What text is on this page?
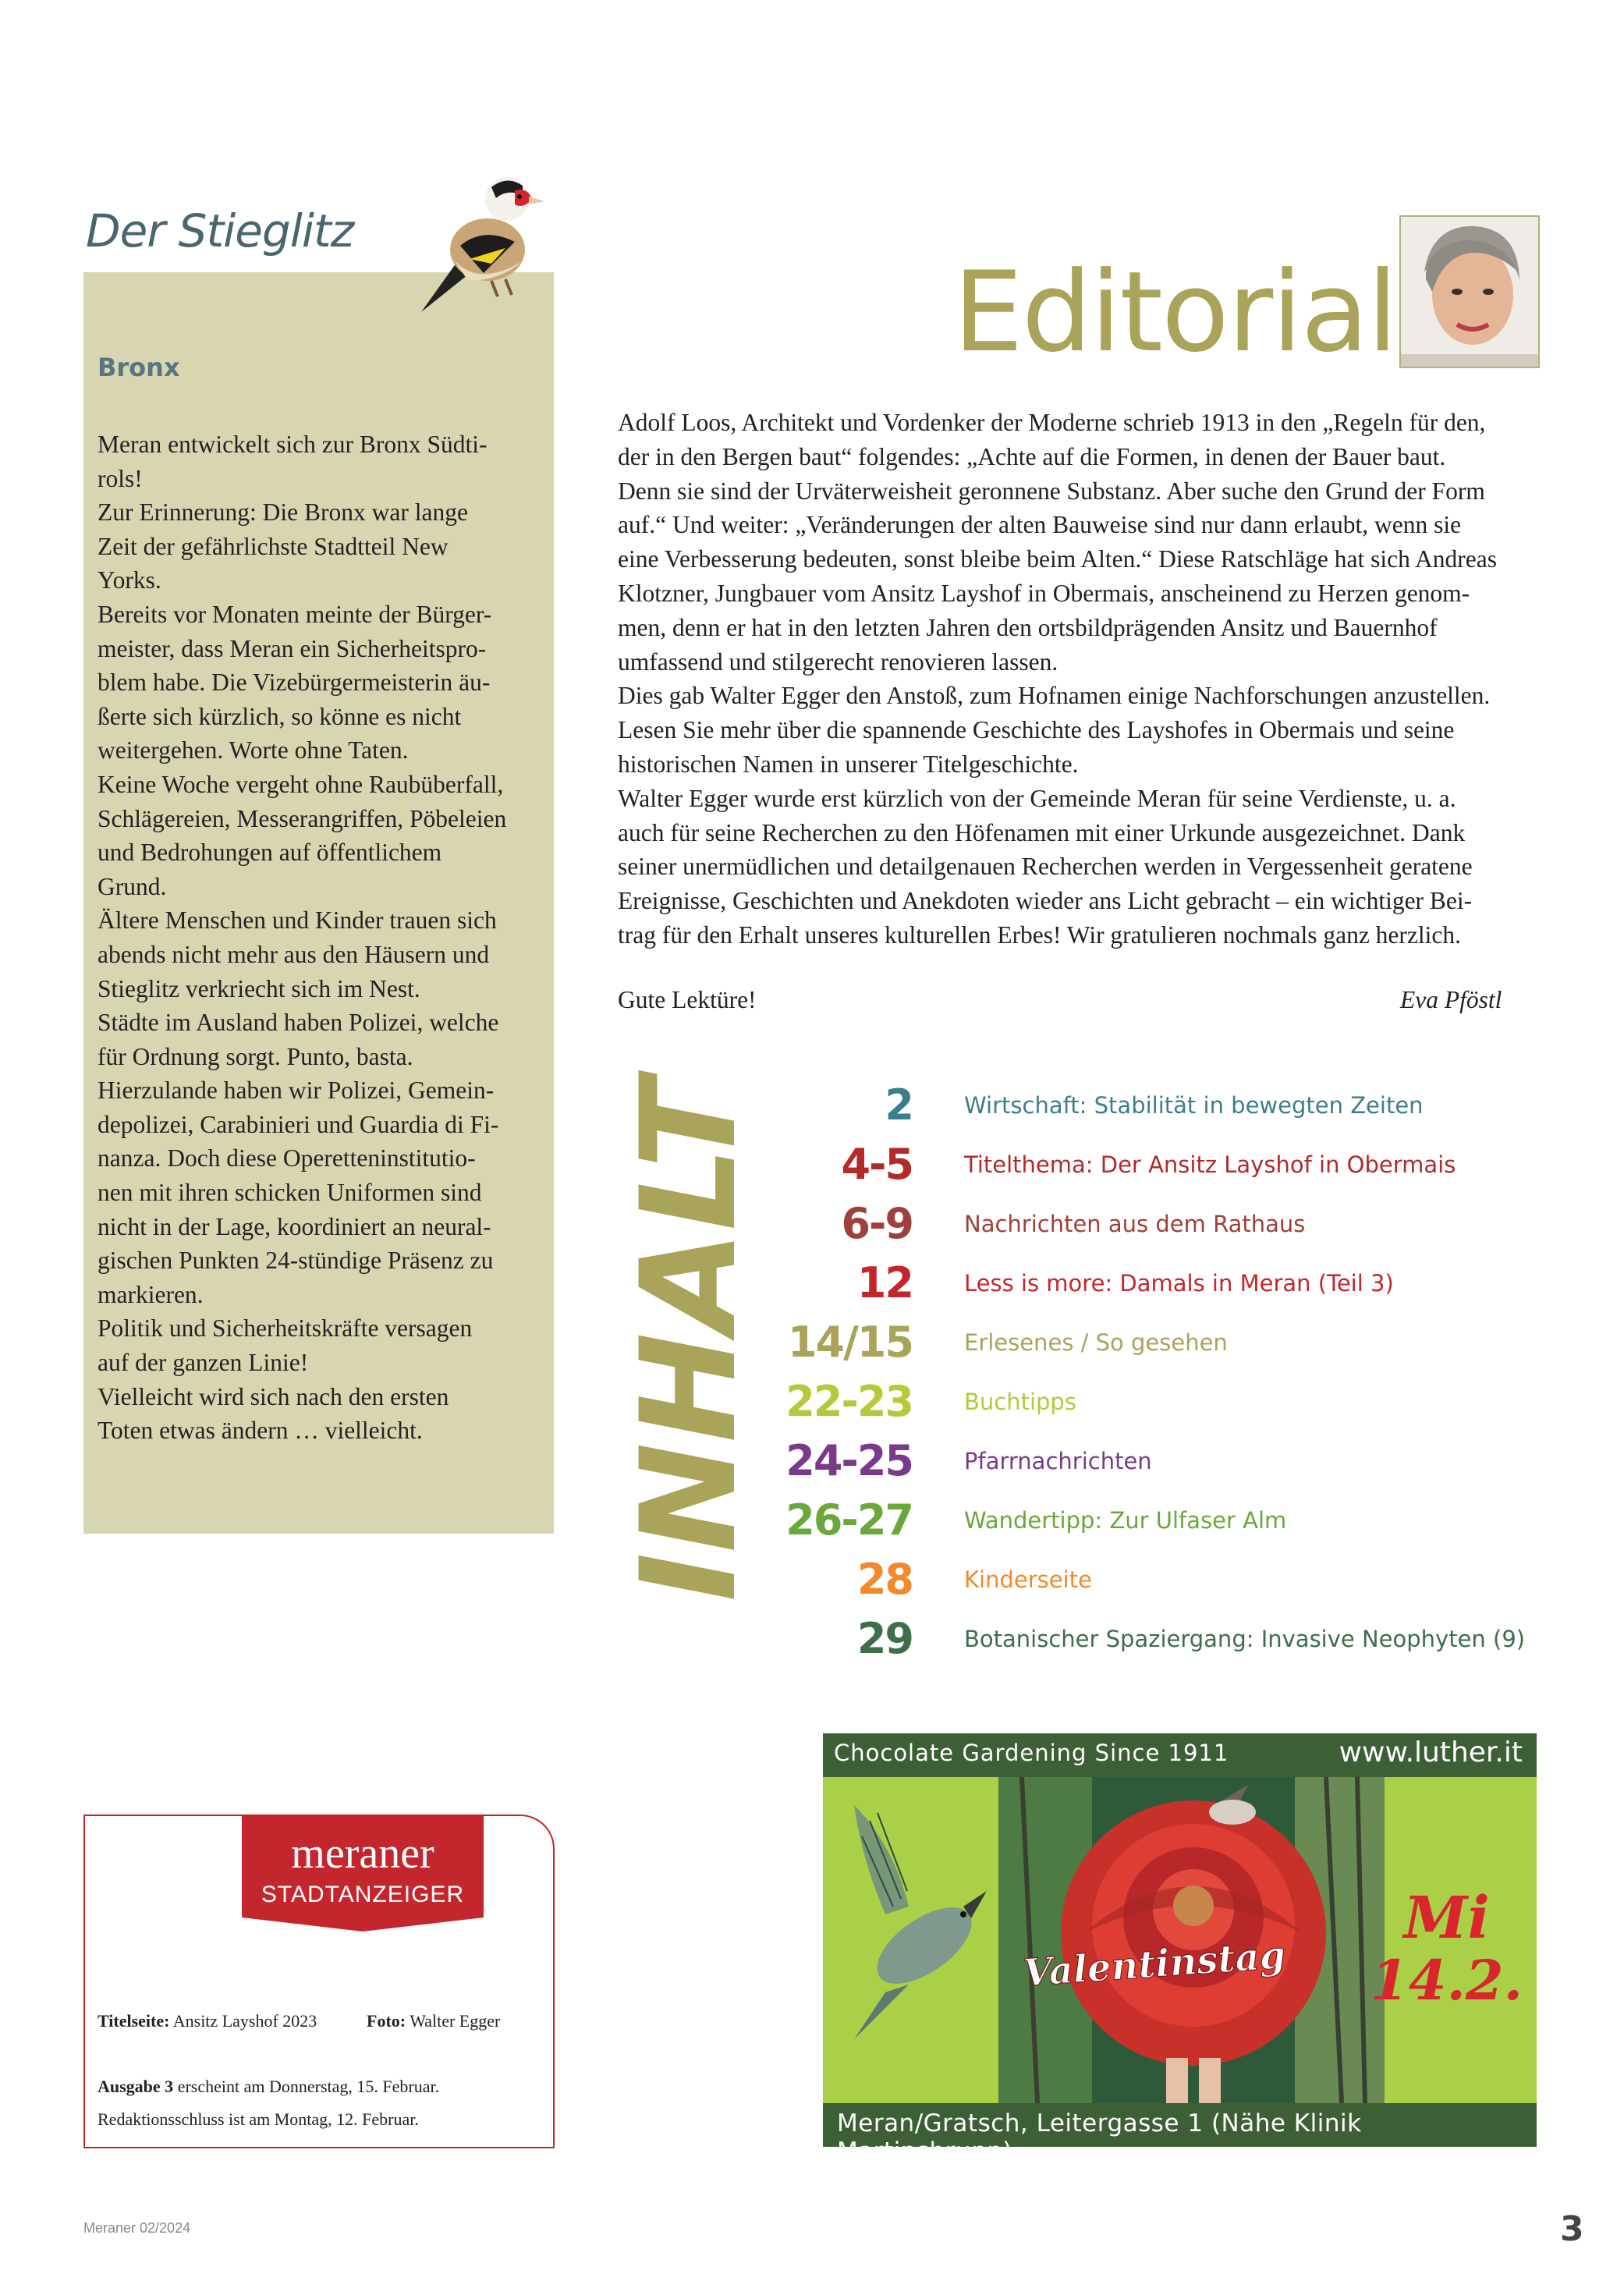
Der Stieglitz
Bronx

Meran entwickelt sich zur Bronx Südti-

rols!

Zur Erinnerung: Die Bronx war lange

Zeit der gefährlichste Stadtteil New

Yorks.

Bereits vor Monaten meinte der Bürger-

meister, dass Meran ein Sicherheitspro-

blem habe. Die Vizebürgermeisterin äu-

ßerte sich kürzlich, so könne es nicht

weitergehen. Worte ohne Taten.

Keine Woche vergeht ohne Raubüberfall,

Schlägereien, Messerangriffen, Pöbeleien

und Bedrohungen auf öffentlichem

Grund.

Ältere Menschen und Kinder trauen sich

abends nicht mehr aus den Häusern und

Stieglitz verkriecht sich im Nest.

Städte im Ausland haben Polizei, welche

für Ordnung sorgt. Punto, basta.

Hierzulande haben wir Polizei, Gemein-

depolizei, Carabinieri und Guardia di Fi-

nanza. Doch diese Operetteninstitutio-

nen mit ihren schicken Uniformen sind

nicht in der Lage, koordiniert an neural-

gischen Punkten 24-stündige Präsenz zu

markieren.

Politik und Sicherheitskräfte versagen

auf der ganzen Linie!

Vielleicht wird sich nach den ersten

Toten etwas ändern … vielleicht.

Editorial

Adolf Loos, Architekt und Vordenker der Moderne schrieb 1913 in den „Regeln für den,

der in den Bergen baut“ folgendes: „Achte auf die Formen, in denen der Bauer baut.

Denn sie sind der Urväterweisheit geronnene Substanz. Aber suche den Grund der Form

auf.“ Und weiter: „Veränderungen der alten Bauweise sind nur dann erlaubt, wenn sie

eine Verbesserung bedeuten, sonst bleibe beim Alten.“ Diese Ratschläge hat sich Andreas

Klotzner, Jungbauer vom Ansitz Layshof in Obermais, anscheinend zu Herzen genom-

men, denn er hat in den letzten Jahren den ortsbildprägenden Ansitz und Bauernhof

umfassend und stilgerecht renovieren lassen.

Dies gab Walter Egger den Anstoß, zum Hofnamen einige Nachforschungen anzustellen.

Lesen Sie mehr über die spannende Geschichte des Layshofes in Obermais und seine

historischen Namen in unserer Titelgeschichte.

Walter Egger wurde erst kürzlich von der Gemeinde Meran für seine Verdienste, u. a.

auch für seine Recherchen zu den Höfenamen mit einer Urkunde ausgezeichnet. Dank

seiner unermüdlichen und detailgenauen Recherchen werden in Vergessenheit geratene

Ereignisse, Geschichten und Anekdoten wieder ans Licht gebracht – ein wichtiger Bei-

trag für den Erhalt unseres kulturellen Erbes! Wir gratulieren nochmals ganz herzlich.

Gute Lektüre!	Eva Pföstl
INHALT	2 Wirtschaft: Stabilität in bewegten Zeiten
4-5 Titelthema: Der Ansitz Layshof in Obermais
6-9 Nachrichten aus dem Rathaus
12 Less is more: Damals in Meran (Teil 3)
14/15 Erlesenes / So gesehen
22-23 Buchtipps
24-25 Pfarrnachrichten
26-27 Wandertipp: Zur Ulfaser Alm
28 Kinderseite
29 Botanischer Spaziergang: Invasive Neophyten (9)
meraner
STADTANZEIGER
Titelseite: Ansitz Layshof 2023	Foto: Walter Egger
Ausgabe 3 erscheint am Donnerstag, 15. Februar.
Redaktionsschluss ist am Montag, 12. Februar.
Chocolate Gardening Since 1911	www.luther.it
Valentinstag
Mi
14.2.
Meran/Gratsch, Leitergasse 1 (Nähe Klinik Martinsbrunn)
Meraner 02/2024	3
